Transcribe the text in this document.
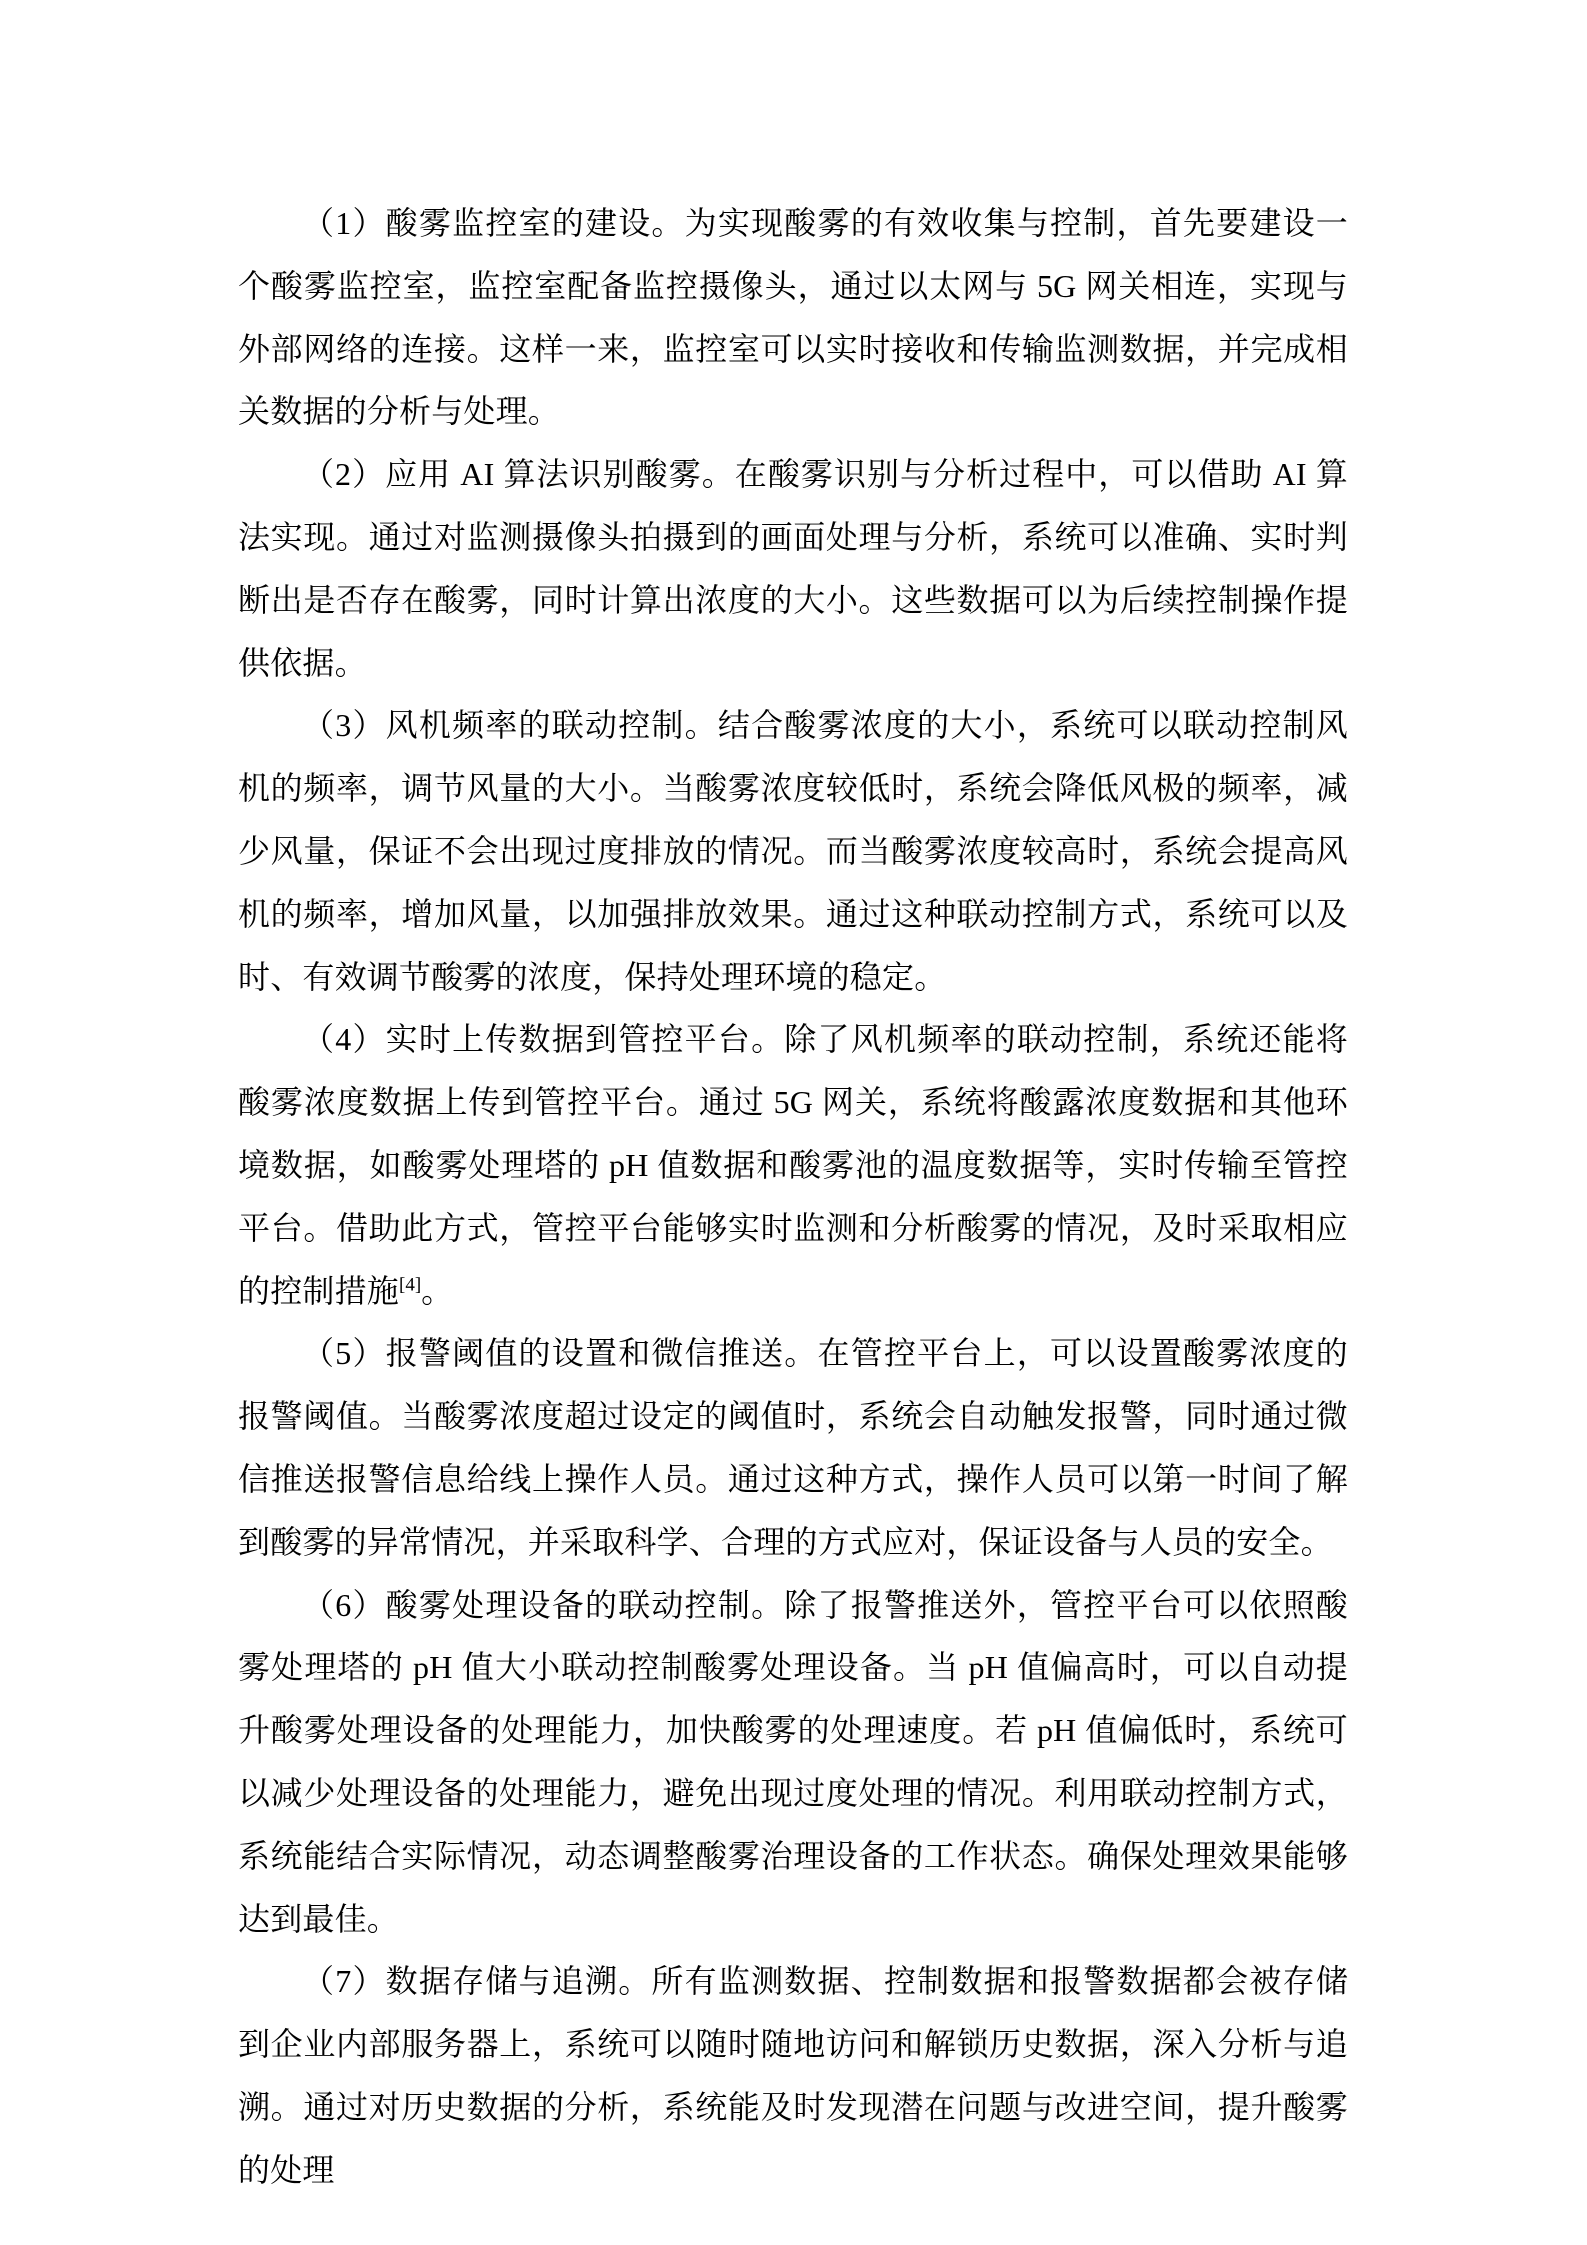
（1）酸雾监控室的建设。为实现酸雾的有效收集与控制，首先要建设一个酸雾监控室，监控室配备监控摄像头，通过以太网与 5G 网关相连，实现与外部网络的连接。这样一来，监控室可以实时接收和传输监测数据，并完成相关数据的分析与处理。

（2）应用 AI 算法识别酸雾。在酸雾识别与分析过程中，可以借助 AI 算法实现。通过对监测摄像头拍摄到的画面处理与分析，系统可以准确、实时判断出是否存在酸雾，同时计算出浓度的大小。这些数据可以为后续控制操作提供依据。

（3）风机频率的联动控制。结合酸雾浓度的大小，系统可以联动控制风机的频率，调节风量的大小。当酸雾浓度较低时，系统会降低风极的频率，减少风量，保证不会出现过度排放的情况。而当酸雾浓度较高时，系统会提高风机的频率，增加风量，以加强排放效果。通过这种联动控制方式，系统可以及时、有效调节酸雾的浓度，保持处理环境的稳定。

（4）实时上传数据到管控平台。除了风机频率的联动控制，系统还能将酸雾浓度数据上传到管控平台。通过 5G 网关，系统将酸露浓度数据和其他环境数据，如酸雾处理塔的 pH 值数据和酸雾池的温度数据等，实时传输至管控平台。借助此方式，管控平台能够实时监测和分析酸雾的情况，及时采取相应的控制措施[4]。

（5）报警阈值的设置和微信推送。在管控平台上，可以设置酸雾浓度的报警阈值。当酸雾浓度超过设定的阈值时，系统会自动触发报警，同时通过微信推送报警信息给线上操作人员。通过这种方式，操作人员可以第一时间了解到酸雾的异常情况，并采取科学、合理的方式应对，保证设备与人员的安全。

（6）酸雾处理设备的联动控制。除了报警推送外，管控平台可以依照酸雾处理塔的 pH 值大小联动控制酸雾处理设备。当 pH 值偏高时，可以自动提升酸雾处理设备的处理能力，加快酸雾的处理速度。若 pH 值偏低时，系统可以减少处理设备的处理能力，避免出现过度处理的情况。利用联动控制方式，系统能结合实际情况，动态调整酸雾治理设备的工作状态。确保处理效果能够达到最佳。

（7）数据存储与追溯。所有监测数据、控制数据和报警数据都会被存储到企业内部服务器上，系统可以随时随地访问和解锁历史数据，深入分析与追溯。通过对历史数据的分析，系统能及时发现潜在问题与改进空间，提升酸雾的处理
